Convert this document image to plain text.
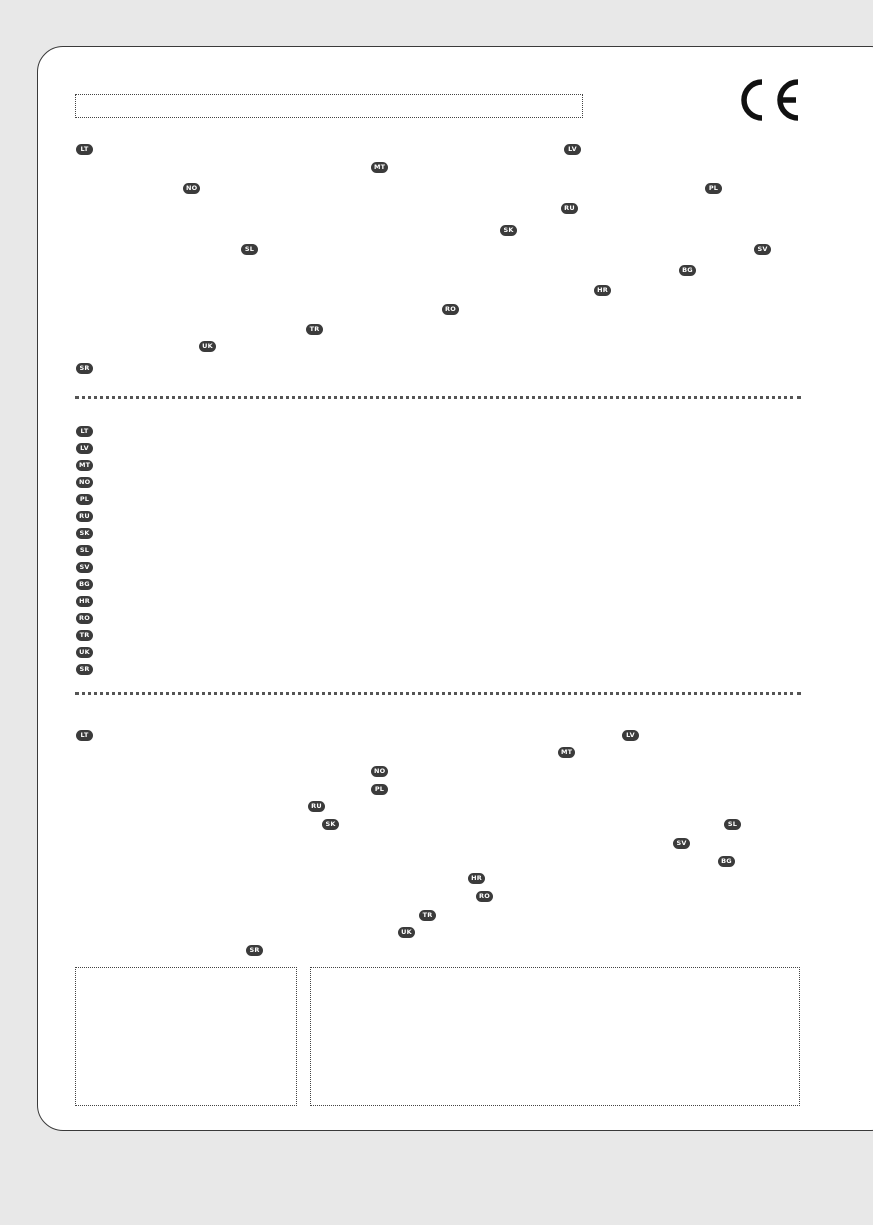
LT	LV
MT
NO	PL
RU
SK
SL	SV
BG
HR
RO
TR
UK
SR
LT
LV
MT
NO
PL
RU
SK
SL
SV
BG
HR
RO
TR
UK
SR
LT	LV
MT
NO
PL
RU
SK	SL
SV
BG
HR
RO
TR
UK
SR
